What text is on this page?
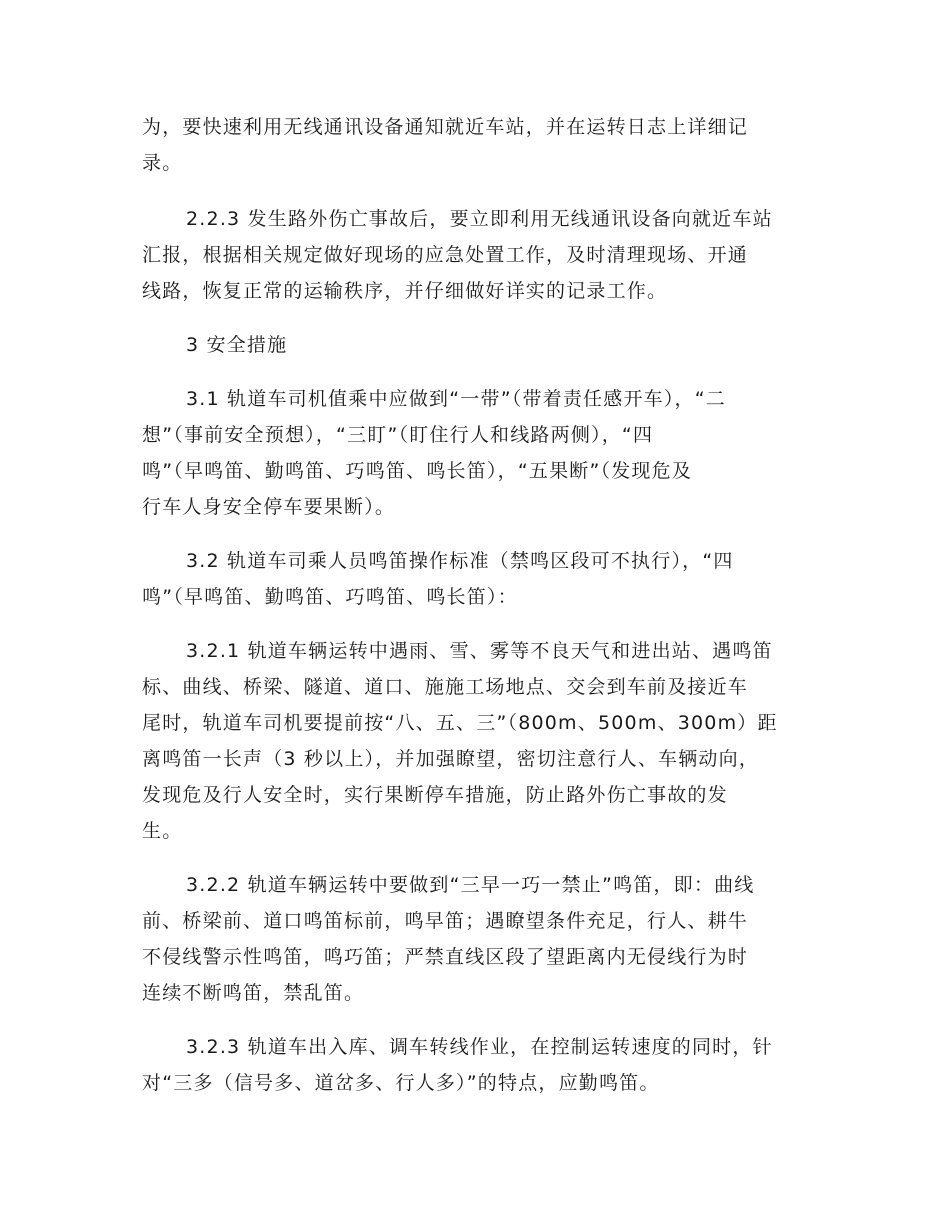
为，要快速利用无线通讯设备通知就近车站，并在运转日志上详细记
录。

2.2.3 发生路外伤亡事故后，要立即利用无线通讯设备向就近车站
汇报，根据相关规定做好现场的应急处置工作，及时清理现场、开通
线路，恢复正常的运输秩序，并仔细做好详实的记录工作。

3 安全措施

3.1 轨道车司机值乘中应做到“一带”（带着责任感开车），“二
想”（事前安全预想），“三盯”（盯住行人和线路两侧），“四
鸣”（早鸣笛、勤鸣笛、巧鸣笛、鸣长笛），“五果断”（发现危及
行车人身安全停车要果断）。

3.2 轨道车司乘人员鸣笛操作标准（禁鸣区段可不执行），“四
鸣”（早鸣笛、勤鸣笛、巧鸣笛、鸣长笛）：

3.2.1 轨道车辆运转中遇雨、雪、雾等不良天气和进出站、遇鸣笛
标、曲线、桥梁、隧道、道口、施施工场地点、交会到车前及接近车
尾时，轨道车司机要提前按“八、五、三”（800m、500m、300m）距
离鸣笛一长声（3 秒以上），并加强瞭望，密切注意行人、车辆动向，
发现危及行人安全时，实行果断停车措施，防止路外伤亡事故的发
生。

3.2.2 轨道车辆运转中要做到“三早一巧一禁止”鸣笛，即：曲线
前、桥梁前、道口鸣笛标前，鸣早笛；遇瞭望条件充足，行人、耕牛
不侵线警示性鸣笛，鸣巧笛；严禁直线区段了望距离内无侵线行为时
连续不断鸣笛，禁乱笛。

3.2.3 轨道车出入库、调车转线作业，在控制运转速度的同时，针
对“三多（信号多、道岔多、行人多）”的特点，应勤鸣笛。
